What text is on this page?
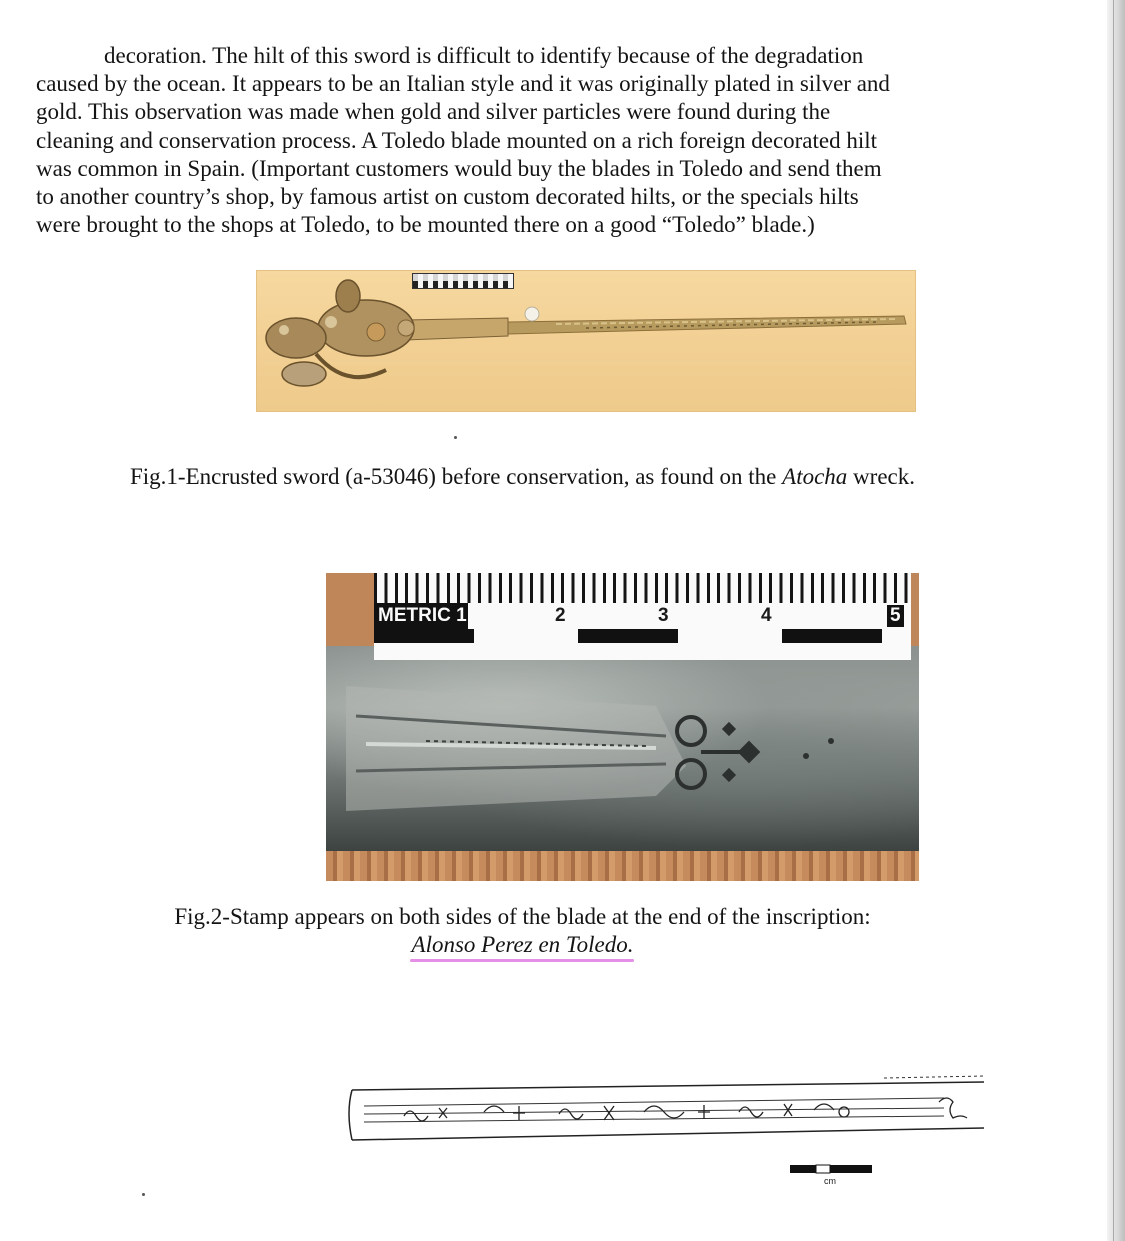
decoration. The hilt of this sword is difficult to identify because of the degradation
caused by the ocean. It appears to be an Italian style and it was originally plated in silver and
gold. This observation was made when gold and silver particles were found during the
cleaning and conservation process. A Toledo blade mounted on a rich foreign decorated hilt
was common in Spain. (Important customers would buy the blades in Toledo and send them
to another country’s shop, by famous artist on custom decorated hilts, or the specials hilts
were brought to the shops at Toledo, to be mounted there on a good “Toledo” blade.)

Fig.1-Encrusted sword (a-53046) before conservation, as found on the Atocha wreck.

METRIC 1	2	3	4	5

Fig.2-Stamp appears on both sides of the blade at the end of the inscription:

Alonso Perez en Toledo.

cm
